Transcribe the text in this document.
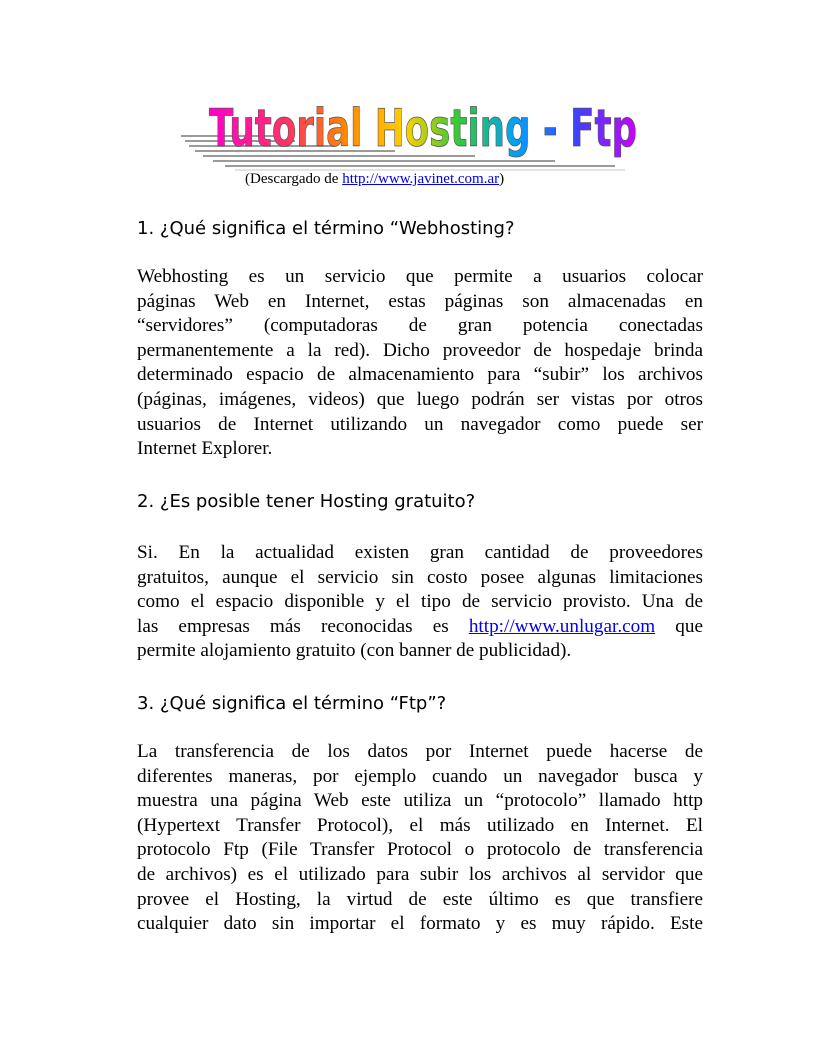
Tutorial Hosting - Ftp
(Descargado de http://www.javinet.com.ar)
1. ¿Qué significa el término “Webhosting?
Webhosting es un servicio que permite a usuarios colocar
páginas Web en Internet, estas páginas son almacenadas en
“servidores” (computadoras de gran potencia conectadas
permanentemente a la red). Dicho proveedor de hospedaje brinda
determinado espacio de almacenamiento para “subir” los archivos
(páginas, imágenes, videos) que luego podrán ser vistas por otros
usuarios de Internet utilizando un navegador como puede ser
Internet Explorer.
2. ¿Es posible tener Hosting gratuito?
Si. En la actualidad existen gran cantidad de proveedores
gratuitos, aunque el servicio sin costo posee algunas limitaciones
como el espacio disponible y el tipo de servicio provisto. Una de
las empresas más reconocidas es http://www.unlugar.com que
permite alojamiento gratuito (con banner de publicidad).
3. ¿Qué significa el término “Ftp”?
La transferencia de los datos por Internet puede hacerse de
diferentes maneras, por ejemplo cuando un navegador busca y
muestra una página Web este utiliza un “protocolo” llamado http
(Hypertext Transfer Protocol), el más utilizado en Internet. El
protocolo Ftp (File Transfer Protocol o protocolo de transferencia
de archivos) es el utilizado para subir los archivos al servidor que
provee el Hosting, la virtud de este último es que transfiere
cualquier dato sin importar el formato y es muy rápido. Este
